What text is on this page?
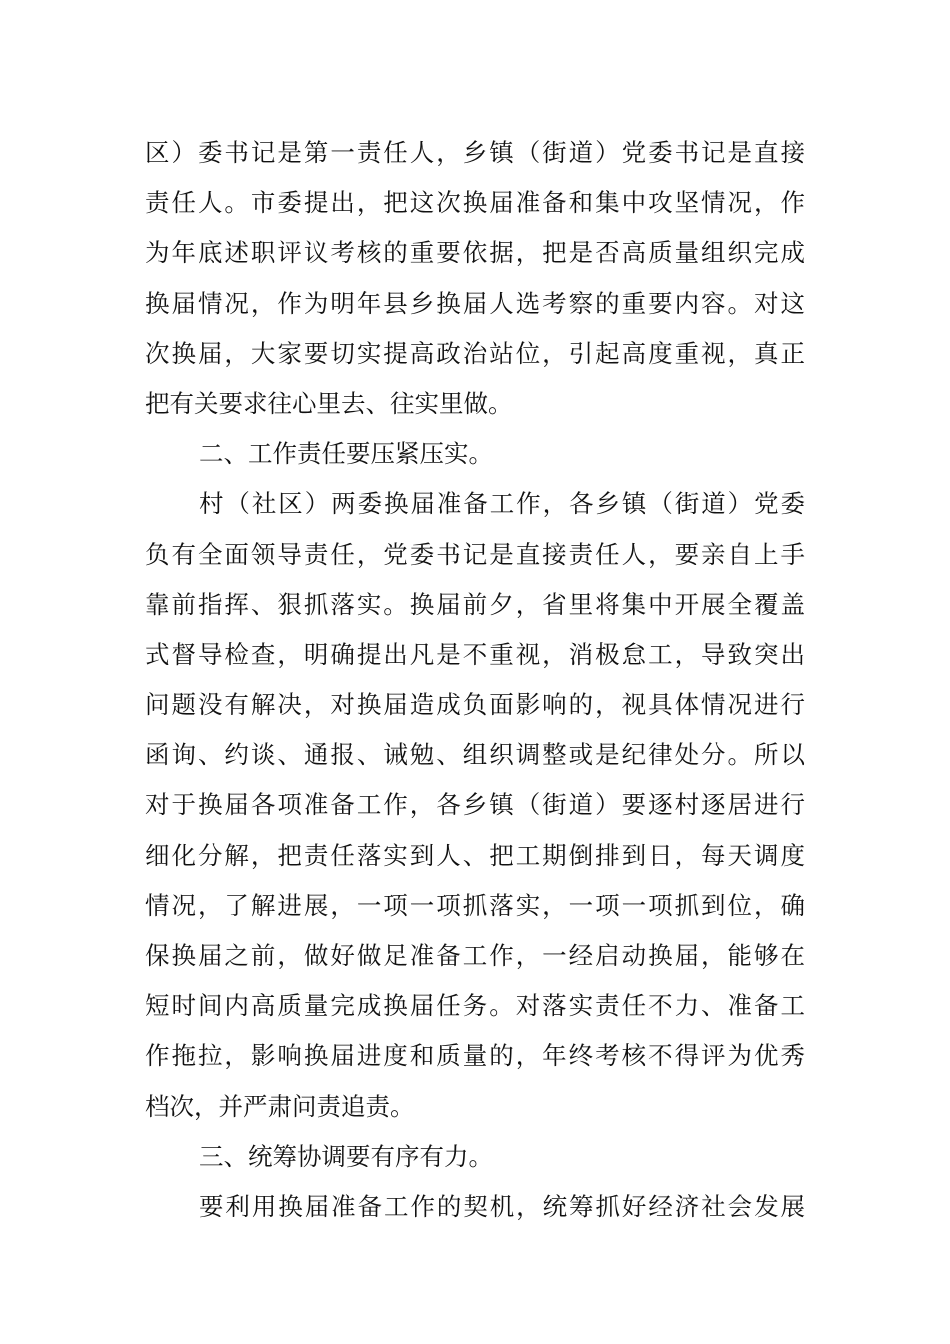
区）委书记是第一责任人，乡镇（街道）党委书记是直接
责任人。市委提出，把这次换届准备和集中攻坚情况，作
为年底述职评议考核的重要依据，把是否高质量组织完成
换届情况，作为明年县乡换届人选考察的重要内容。对这
次换届，大家要切实提高政治站位，引起高度重视，真正
把有关要求往心里去、往实里做。
二、工作责任要压紧压实。
村（社区）两委换届准备工作，各乡镇（街道）党委
负有全面领导责任，党委书记是直接责任人，要亲自上手
靠前指挥、狠抓落实。换届前夕，省里将集中开展全覆盖
式督导检查，明确提出凡是不重视，消极怠工，导致突出
问题没有解决，对换届造成负面影响的，视具体情况进行
函询、约谈、通报、诫勉、组织调整或是纪律处分。所以
对于换届各项准备工作，各乡镇（街道）要逐村逐居进行
细化分解，把责任落实到人、把工期倒排到日，每天调度
情况，了解进展，一项一项抓落实，一项一项抓到位，确
保换届之前，做好做足准备工作，一经启动换届，能够在
短时间内高质量完成换届任务。对落实责任不力、准备工
作拖拉，影响换届进度和质量的，年终考核不得评为优秀
档次，并严肃问责追责。
三、统筹协调要有序有力。
要利用换届准备工作的契机，统筹抓好经济社会发展
